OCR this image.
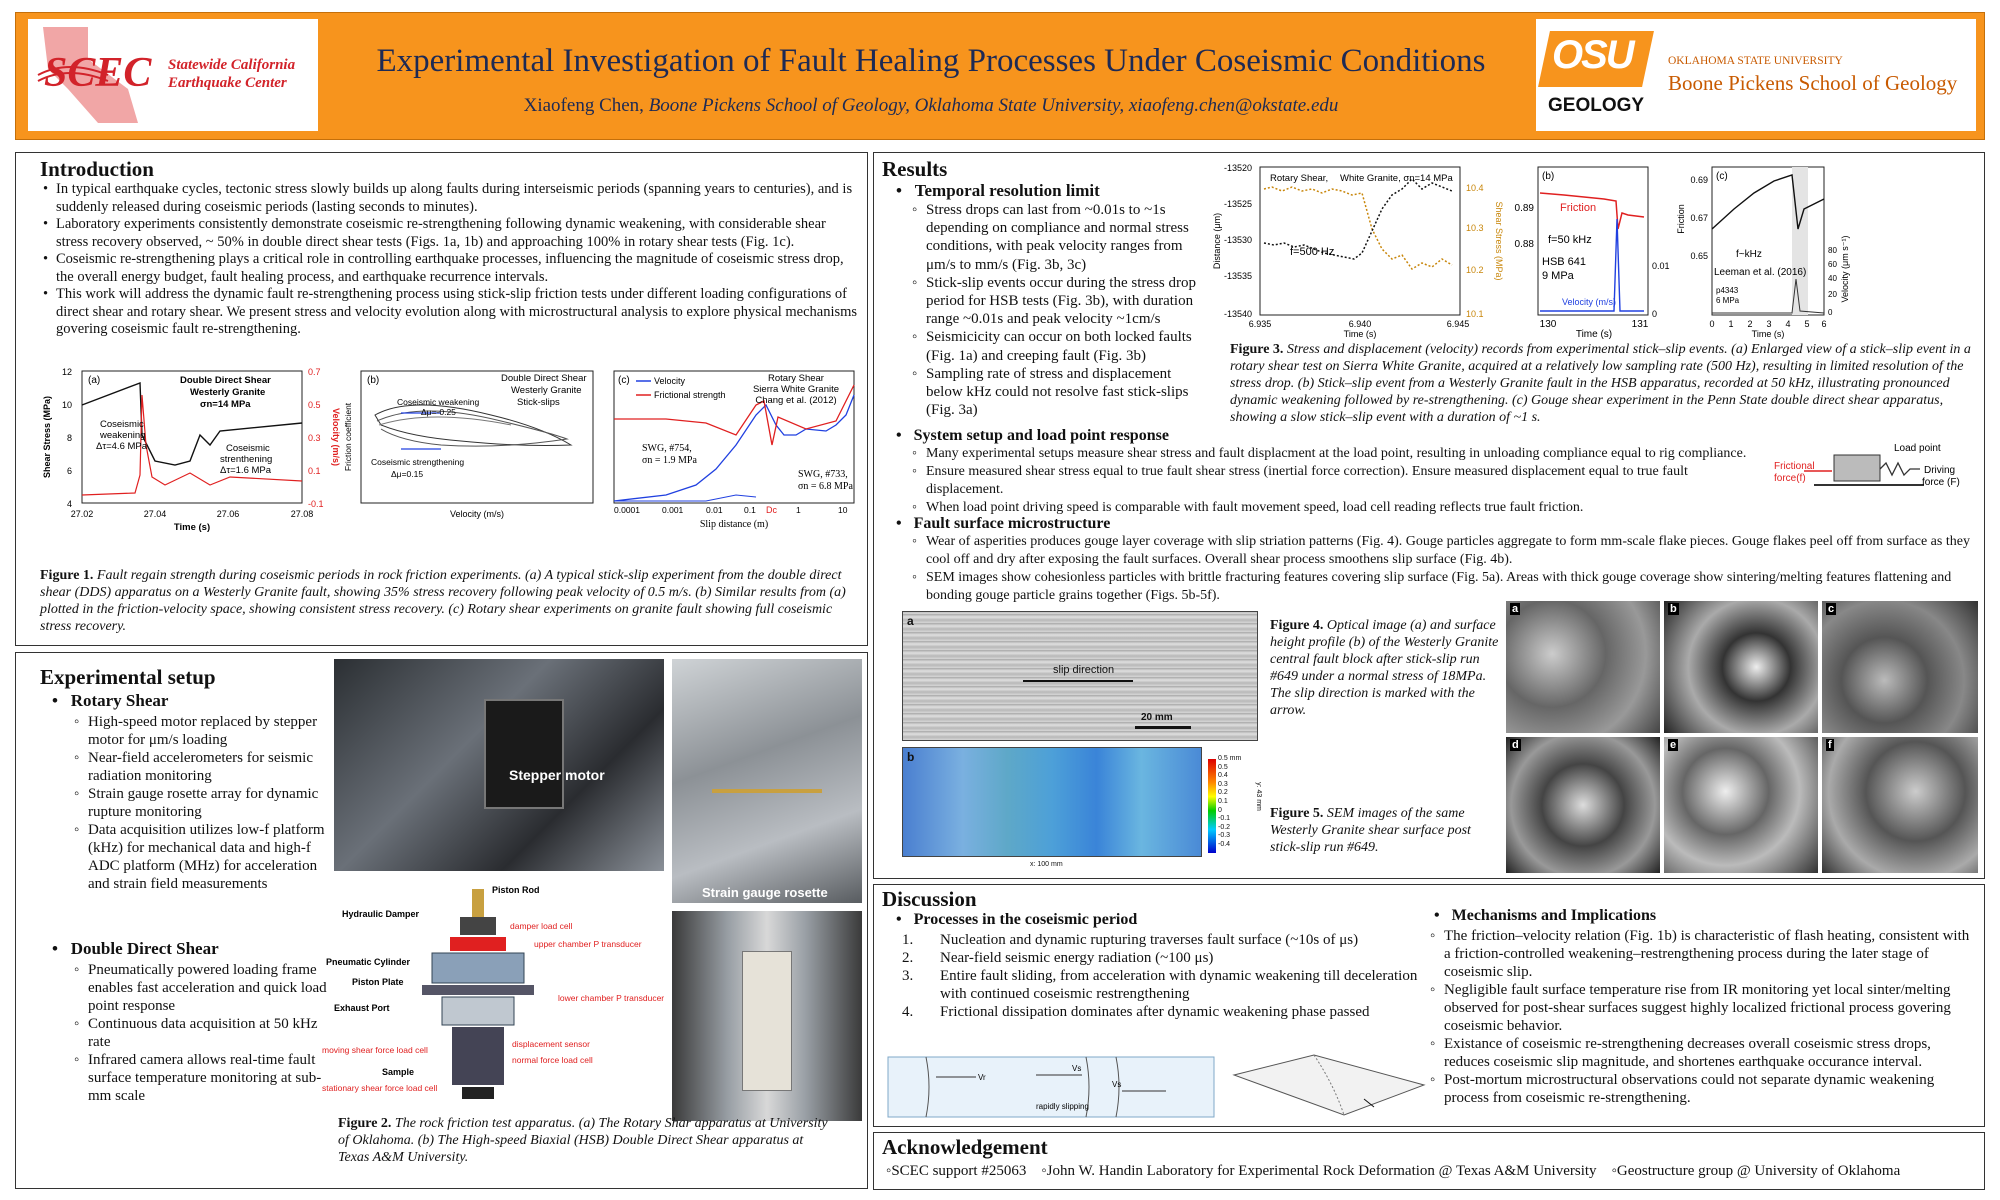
SCEC Statewide California
Earthquake Center
Experimental Investigation of Fault Healing Processes Under Coseismic Conditions
Xiaofeng Chen, Boone Pickens School of Geology, Oklahoma State University, xiaofeng.chen@okstate.edu
OSU
GEOLOGY
OKLAHOMA STATE UNIVERSITY
Boone Pickens School of Geology
Introduction
• In typical earthquake cycles, tectonic stress slowly builds up along faults during interseismic periods (spanning years to centuries), and is suddenly released during coseismic periods (lasting seconds to minutes).
• Laboratory experiments consistently demonstrate coseismic re-strengthening following dynamic weakening, with considerable shear stress recovery observed, ~ 50% in double direct shear tests (Figs. 1a, 1b) and approaching 100% in rotary shear tests (Fig. 1c).
• Coseismic re-strengthening plays a critical role in controlling earthquake processes, influencing the magnitude of coseismic stress drop, the overall energy budget, fault healing process, and earthquake recurrence intervals.
• This work will address the dynamic fault re-strengthening process using stick-slip friction tests under different loading configurations of direct shear and rotary shear. We present stress and velocity evolution along with microstructural analysis to explore physical mechanisms govering coseismic fault re-strengthening.
Double Direct Shear
Westerly Granite
σn=14 MPa
(a)
Coseismic
weakening
Δτ=4.6 MPa	Coseismic
strenthening
Δτ=1.6 MPa
12
10
8
6
4
0.7
0.5
0.3
0.1
-0.1
27.02	27.04	27.06	27.08
Time (s)
Shear Stress (MPa)	Velocity (m/s)
(b)	Double Direct Shear
Westerly Granite
Stick-slips
Coseismic weakening
Δμ=-0.25
Coseismic strengthening
Δμ=0.15
Velocity (m/s)
Friction coefficient
(c)	Velocity
Frictional strength
Rotary Shear
Sierra White Granite
Chang et al. (2012)
SWG, #754,
σn = 1.9 MPa
SWG, #733,
σn = 6.8 MPa
Dc
0.0001	0.001	0.01	0.1	1	10
Slip distance (m)
Figure 1. Fault regain strength during coseismic periods in rock friction experiments. (a) A typical stick-slip experiment from the double direct shear (DDS) apparatus on a Westerly Granite fault, showing 35% stress recovery following peak velocity of 0.5 m/s. (b) Similar results from (a) plotted in the friction-velocity space, showing consistent stress recovery. (c) Rotary shear experiments on granite fault showing full coseismic stress recovery.
Experimental setup
•   Rotary Shear
◦ High-speed motor replaced by stepper motor for μm/s loading
◦ Near-field accelerometers for seismic radiation monitoring
◦ Strain gauge rosette array for dynamic rupture monitoring
◦ Data acquisition utilizes low-f platform (kHz) for mechanical data and high-f ADC platform (MHz) for acceleration and strain field measurements
•   Double Direct Shear
◦ Pneumatically powered loading frame enables fast acceleration and quick load point response
◦ Continuous data acquisition at 50 kHz rate
◦ Infrared camera allows real-time fault surface temperature monitoring at sub-mm scale
Stepper motor
Strain gauge rosette
Piston Rod
Hydraulic Damper
Pneumatic Cylinder
Piston Plate
Exhaust Port
Sample
damper load cell
upper chamber P transducer
lower chamber P transducer
moving shear force load cell
displacement sensor
normal force load cell
stationary shear force load cell
Figure 2. The rock friction test apparatus. (a) The Rotary Shar apparatus at University of Oklahoma. (b) The High-speed Biaxial (HSB) Double Direct Shear apparatus at Texas A&M University.
Results
•   Temporal resolution limit
◦ Stress drops can last from ~0.01s to ~1s depending on compliance and normal stress conditions, with peak velocity ranges from μm/s to mm/s (Fig. 3b, 3c)
◦ Stick-slip events occur during the stress drop period for HSB tests (Fig. 3b), with duration range ~0.01s and peak velocity ~1cm/s
◦ Seismicicity can occur on both locked faults (Fig. 1a) and creeping fault (Fig. 3b)
◦ Sampling rate of stress and displacement below kHz could not resolve fast stick-slips (Fig. 3a)
Rotary Shear, White Granite, σn=14 MPa
f=500 Hz
-13520
-13525
-13530
-13535
-13540
10.4
10.3
10.2
10.1
6.935	6.940	6.945
Time (s)
Distance (μm)	Shear Stress (MPa)
(b)
Friction
f=50 kHz
HSB 641
9 MPa
Velocity (m/s)
0.89
0.88
0.01
0
130	131
Time (s)
(c)
f~kHz
Leeman et al. (2016)
p4343
6 MPa
0.69
0.67
0.65
80
60
40
20
0
0 1 2 3 4 5 6
Time (s)
Friction
Velocity (μm s⁻¹)
Figure 3. Stress and displacement (velocity) records from experimental stick–slip events. (a) Enlarged view of a stick–slip event in a rotary shear test on Sierra White Granite, acquired at a relatively low sampling rate (500 Hz), resulting in limited resolution of the stress drop. (b) Stick–slip event from a Westerly Granite fault in the HSB apparatus, recorded at 50 kHz, illustrating pronounced dynamic weakening followed by re-strengthening. (c) Gouge shear experiment in the Penn State double direct shear apparatus, showing a slow stick–slip event with a duration of ~1 s.
•   System setup and load point response
◦ Many experimental setups measure shear stress and fault displacment at the load point, resulting in unloading compliance equal to rig compliance.
◦ Ensure measured shear stress equal to true fault shear stress (inertial force correction). Ensure measured displacement equal to true fault displacement.
◦ When load point driving speed is comparable with fault movement speed, load cell reading reflects true fault friction.
Load point
Frictional
force(f)
Driving
force (F)
•   Fault surface microstructure
◦ Wear of asperities produces gouge layer coverage with slip striation patterns (Fig. 4). Gouge particles aggregate to form mm-scale flake pieces. Gouge flakes peel off from surface as they cool off and dry after exposing the fault surfaces. Overall shear process smoothens slip surface (Fig. 4b).
◦ SEM images show cohesionless particles with brittle fracturing features covering slip surface (Fig. 5a). Areas with thick gouge coverage show sintering/melting features flattening and bonding gouge particle grains together (Figs. 5b-5f).
a
slip direction
20 mm
b	0.5 mm
0.5
0.4
0.3
0.2
0.1
0
-0.1
-0.2
-0.3
-0.4
y: 43 mm
x: 100 mm
Figure 4. Optical image (a) and surface height profile (b) of the Westerly Granite central fault block after stick-slip run #649 under a normal stress of 18MPa. The slip direction is marked with the arrow.
Figure 5. SEM images of the same Westerly Granite shear surface post stick-slip run #649.
a	b	c
d	e	f
Discussion
•   Processes in the coseismic period
1. Nucleation and dynamic rupturing traverses fault surface (~10s of μs)
2. Near-field seismic energy radiation (~100 μs)
3. Entire fault sliding, from acceleration with dynamic weakening till deceleration with continued coseismic restrengthening
4. Frictional dissipation dominates after dynamic weakening phase passed
Vr
Vs
Vs
rapidly slipping
•   Mechanisms and Implications
◦ The friction–velocity relation (Fig. 1b) is characteristic of flash heating, consistent with a friction-controlled weakening–restrengthening process during the later stage of coseismic slip.
◦ Negligible fault surface temperature rise from IR monitoring yet local sinter/melting observed for post-shear surfaces suggest highly localized frictional process govering coseismic behavior.
◦ Existance of coseismic re-strengthening decreases overall coseismic stress drops, reduces coseismic slip magnitude, and shortenes earthquake occurance interval.
◦ Post-mortum microstructural observations could not separate dynamic weakening process from coseismic re-strengthening.
Acknowledgement
◦SCEC support #25063 ◦John W. Handin Laboratory for Experimental Rock Deformation @ Texas A&M University ◦Geostructure group @ University of Oklahoma
